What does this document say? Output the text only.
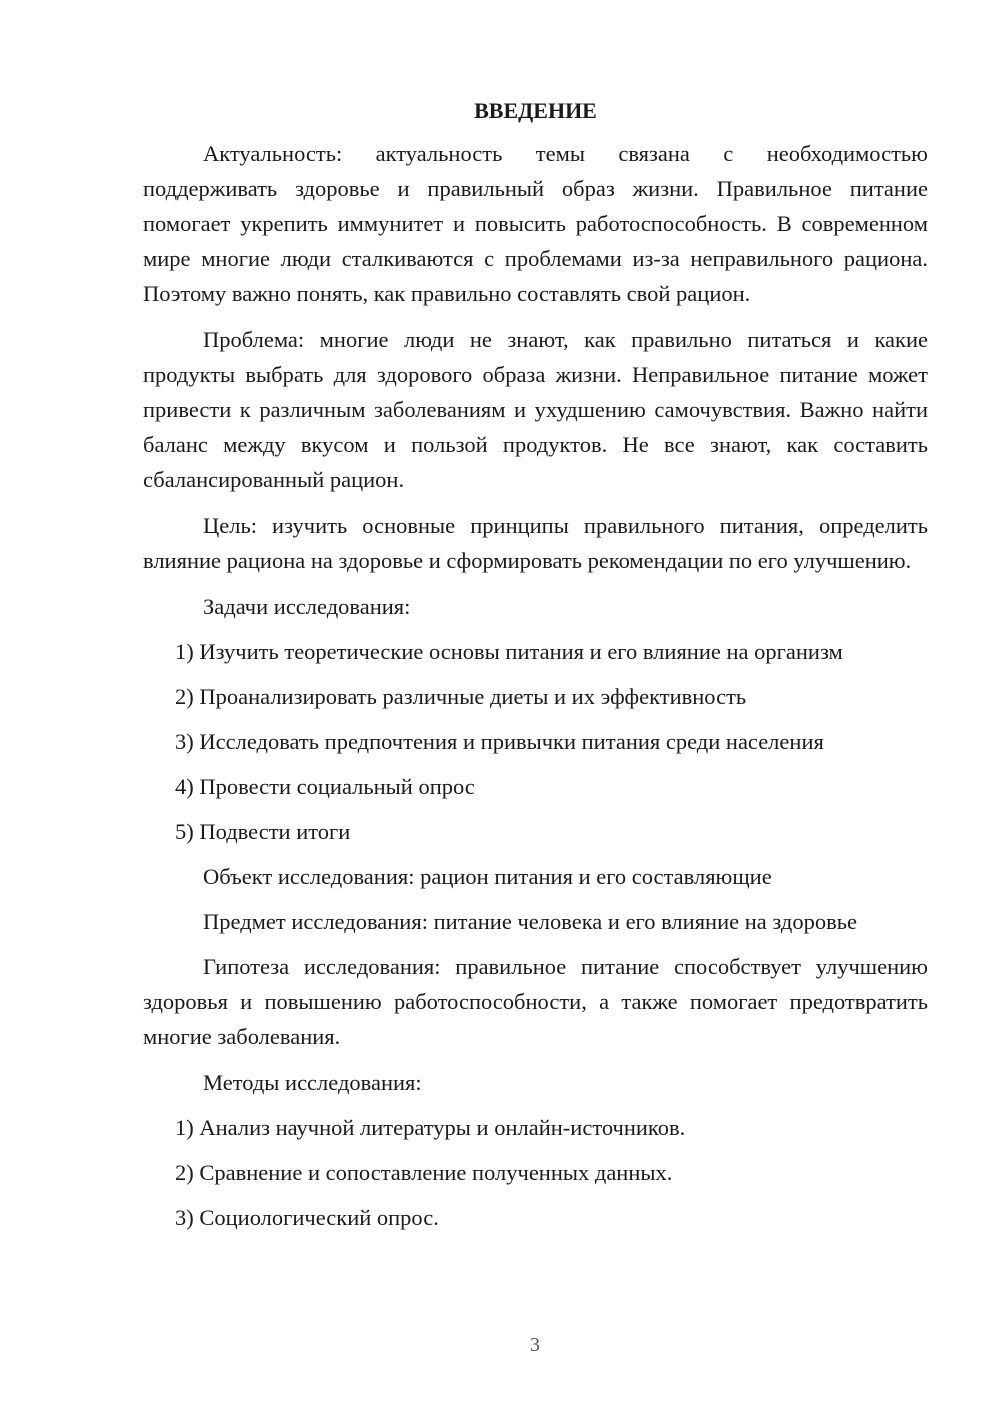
ВВЕДЕНИЕ

Актуальность: актуальность темы связана с необходимостью поддерживать здоровье и правильный образ жизни. Правильное питание помогает укрепить иммунитет и повысить работоспособность. В современном мире многие люди сталкиваются с проблемами из-за неправильного рациона. Поэтому важно понять, как правильно составлять свой рацион.

Проблема: многие люди не знают, как правильно питаться и какие продукты выбрать для здорового образа жизни. Неправильное питание может привести к различным заболеваниям и ухудшению самочувствия. Важно найти баланс между вкусом и пользой продуктов. Не все знают, как составить сбалансированный рацион.

Цель: изучить основные принципы правильного питания, определить влияние рациона на здоровье и сформировать рекомендации по его улучшению.

Задачи исследования:
1) Изучить теоретические основы питания и его влияние на организм
2) Проанализировать различные диеты и их эффективность
3) Исследовать предпочтения и привычки питания среди населения
4) Провести социальный опрос
5) Подвести итоги
Объект исследования: рацион питания и его составляющие
Предмет исследования: питание человека и его влияние на здоровье

Гипотеза исследования: правильное питание способствует улучшению здоровья и повышению работоспособности, а также помогает предотвратить многие заболевания.

Методы исследования:
1) Анализ научной литературы и онлайн-источников.
2) Сравнение и сопоставление полученных данных.
3) Социологический опрос.
3
